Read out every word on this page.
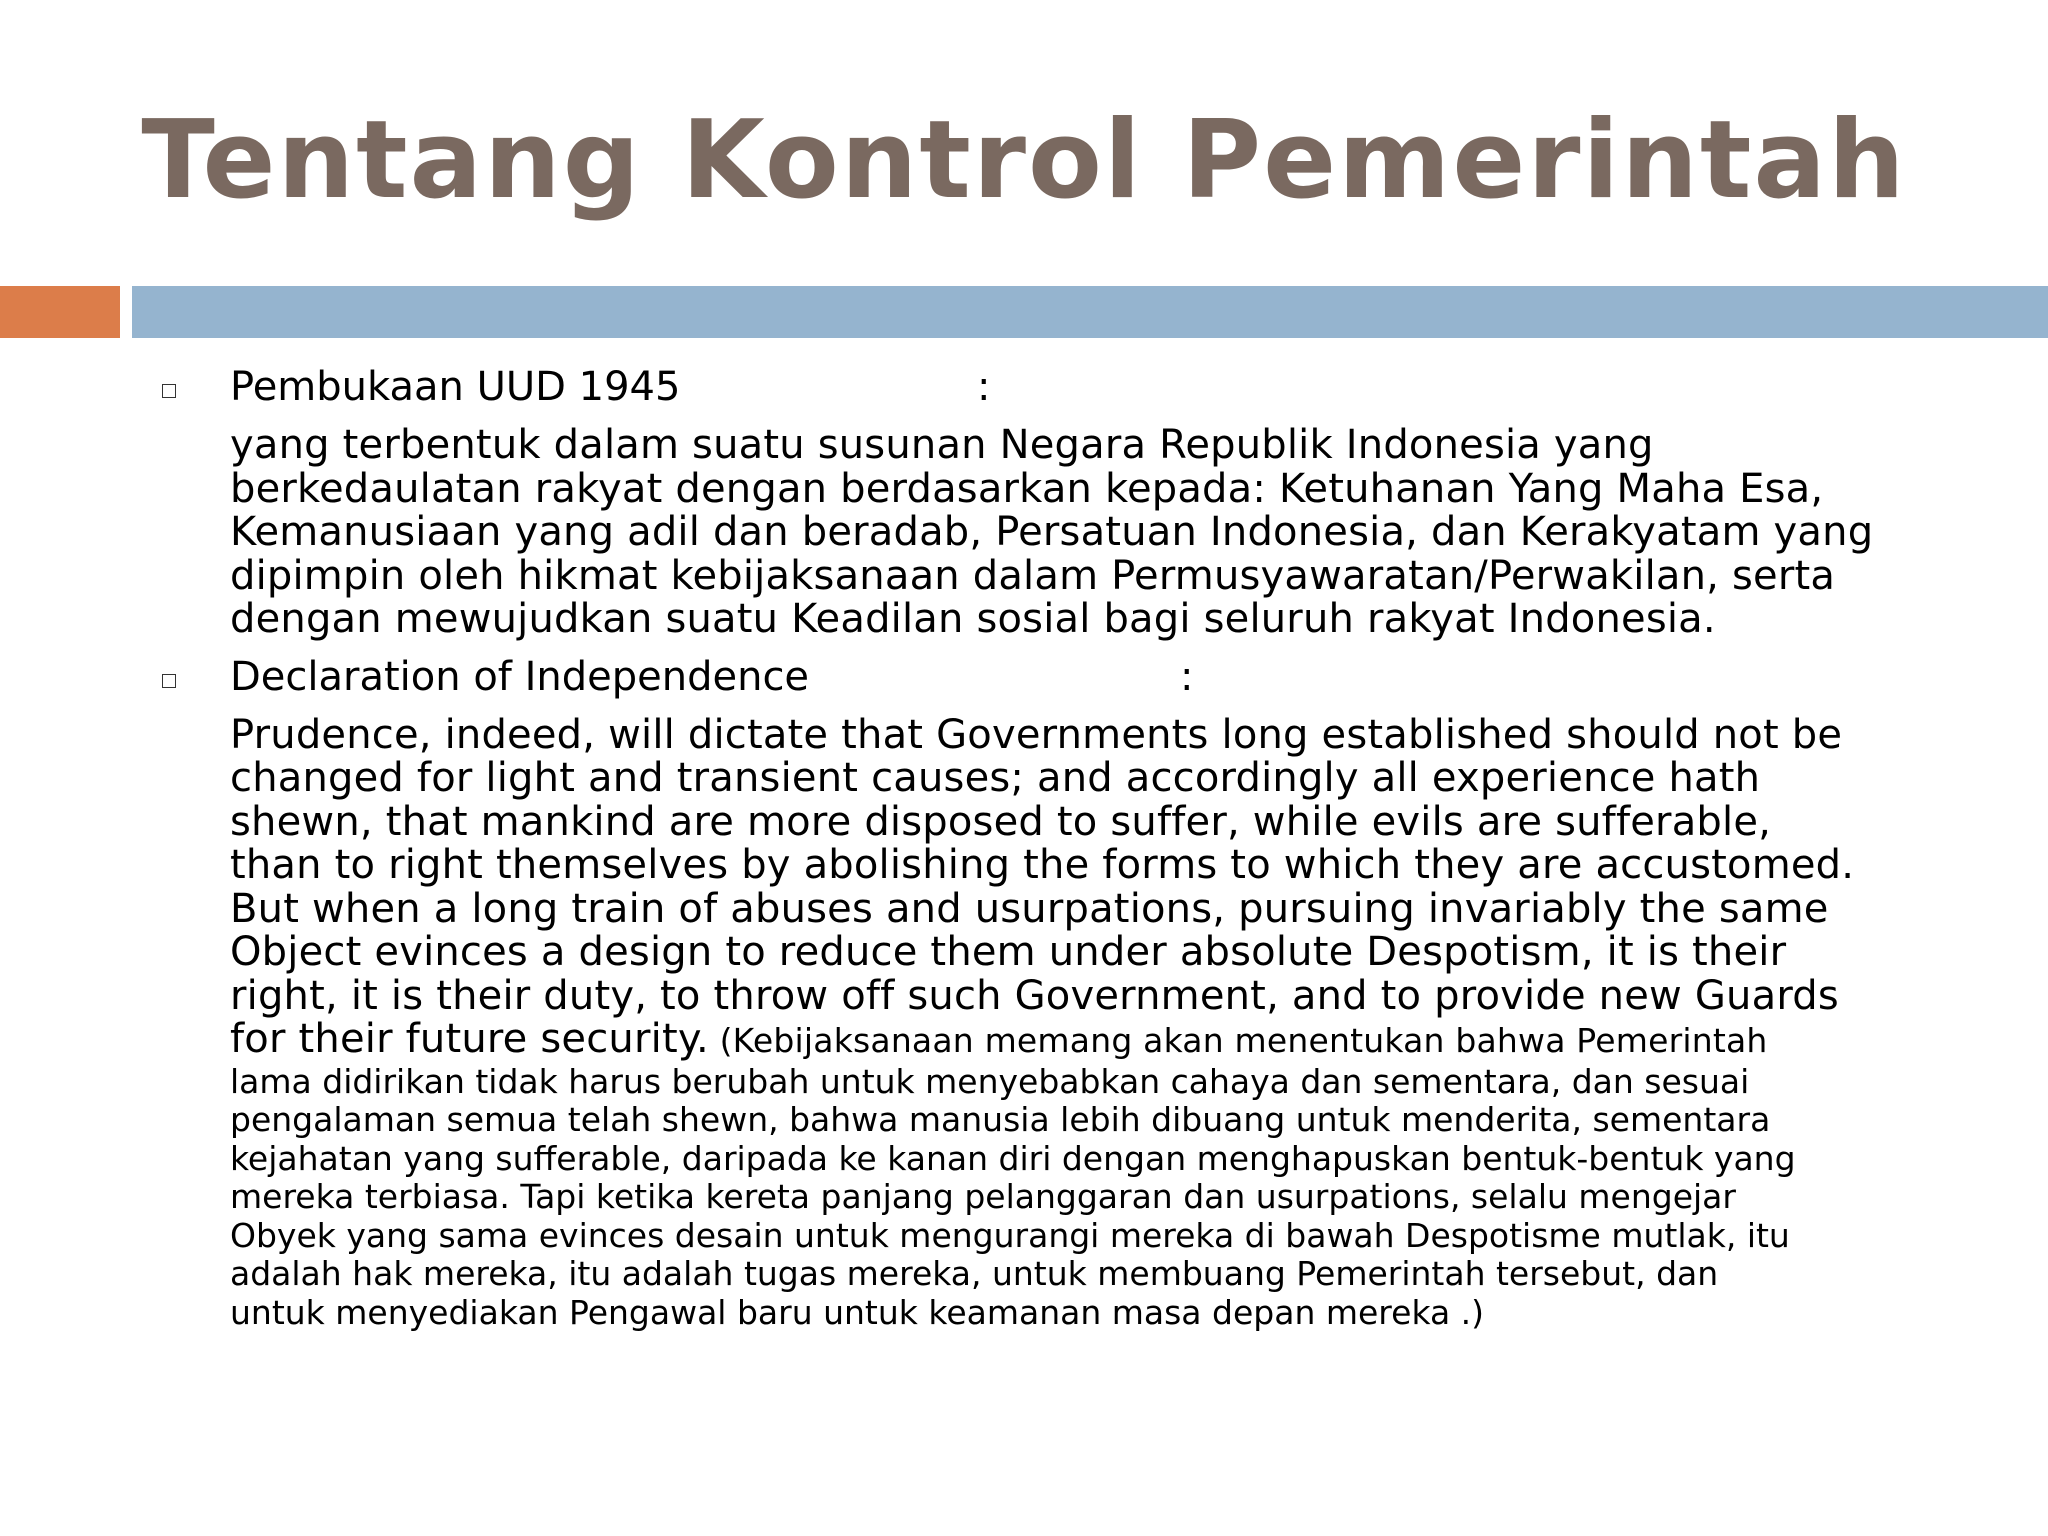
Tentang Kontrol Pemerintah
Pembukaan UUD 1945	:
yang terbentuk dalam suatu susunan Negara Republik Indonesia yang
berkedaulatan rakyat dengan berdasarkan kepada: Ketuhanan Yang Maha Esa,
Kemanusiaan yang adil dan beradab, Persatuan Indonesia, dan Kerakyatam yang
dipimpin oleh hikmat kebijaksanaan dalam Permusyawaratan/Perwakilan, serta
dengan mewujudkan suatu Keadilan sosial bagi seluruh rakyat Indonesia.
Declaration of Independence	:
Prudence, indeed, will dictate that Governments long established should not be
changed for light and transient causes; and accordingly all experience hath
shewn, that mankind are more disposed to suffer, while evils are sufferable,
than to right themselves by abolishing the forms to which they are accustomed.
But when a long train of abuses and usurpations, pursuing invariably the same
Object evinces a design to reduce them under absolute Despotism, it is their
right, it is their duty, to throw off such Government, and to provide new Guards
for their future security. (Kebijaksanaan memang akan menentukan bahwa Pemerintah
lama didirikan tidak harus berubah untuk menyebabkan cahaya dan sementara, dan sesuai
pengalaman semua telah shewn, bahwa manusia lebih dibuang untuk menderita, sementara
kejahatan yang sufferable, daripada ke kanan diri dengan menghapuskan bentuk-bentuk yang
mereka terbiasa. Tapi ketika kereta panjang pelanggaran dan usurpations, selalu mengejar
Obyek yang sama evinces desain untuk mengurangi mereka di bawah Despotisme mutlak, itu
adalah hak mereka, itu adalah tugas mereka, untuk membuang Pemerintah tersebut, dan
untuk menyediakan Pengawal baru untuk keamanan masa depan mereka .)
